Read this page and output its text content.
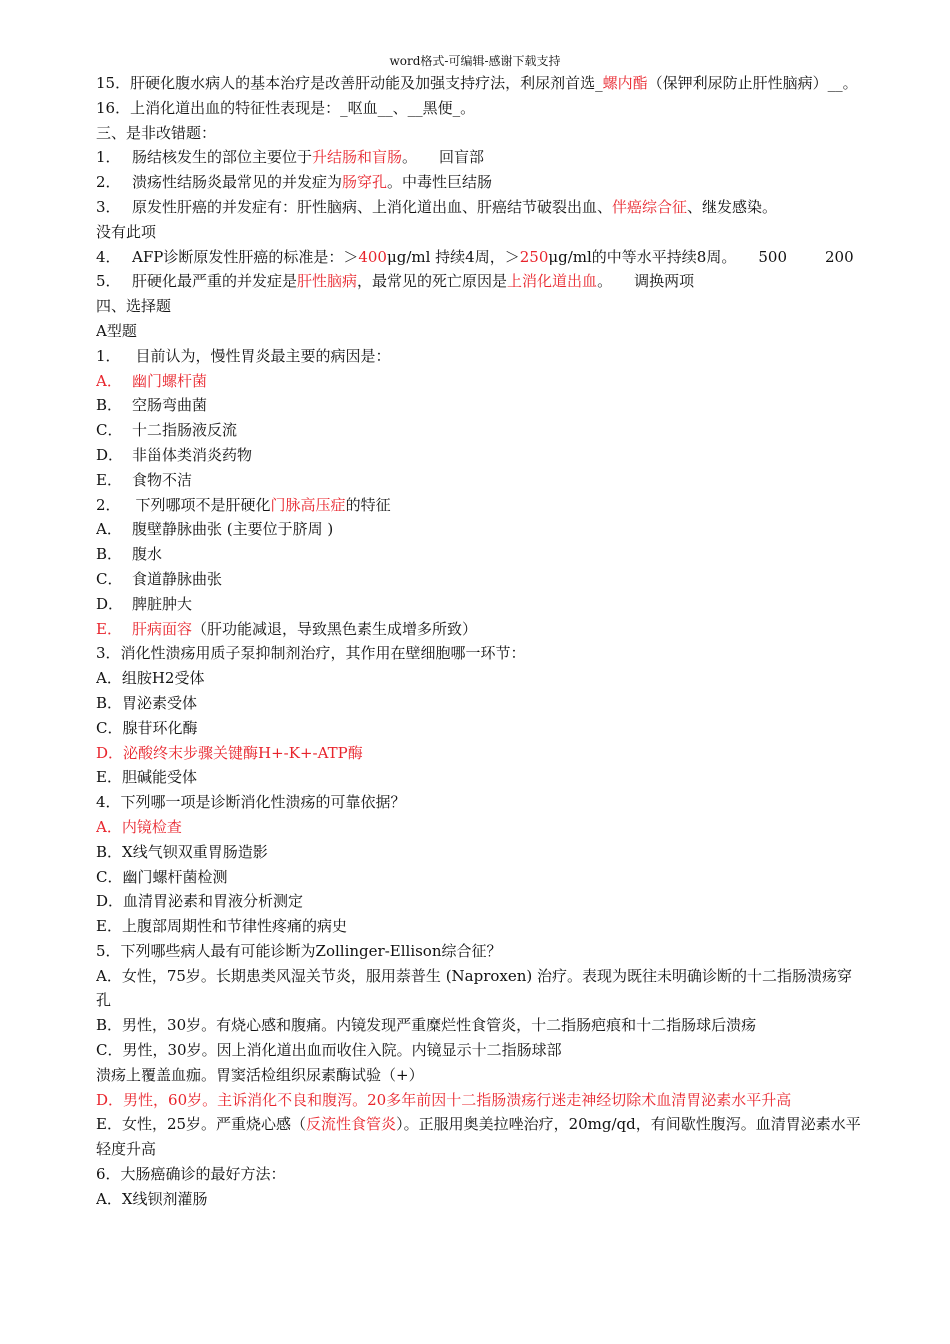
word格式-可编辑-感谢下载支持
15．肝硬化腹水病人的基本治疗是改善肝动能及加强支持疗法，利尿剂首选_螺内酯（保钾利尿防止肝性脑病）__。
16．上消化道出血的特征性表现是：_呕血__、__黑便_。
三、是非改错题：
1． 肠结核发生的部位主要位于升结肠和盲肠。 回盲部
2． 溃疡性结肠炎最常见的并发症为肠穿孔。中毒性巨结肠
3． 原发性肝癌的并发症有：肝性脑病、上消化道出血、肝癌结节破裂出血、伴癌综合征、继发感染。
没有此项
4． AFP诊断原发性肝癌的标准是：＞400μg/ml 持续4周，＞250μg/ml的中等水平持续8周。 500	200
5． 肝硬化最严重的并发症是肝性脑病，最常见的死亡原因是上消化道出血。 调换两项
四、选择题
A型题
1． 目前认为，慢性胃炎最主要的病因是：
A． 幽门螺杆菌
B． 空肠弯曲菌
C． 十二指肠液反流
D． 非甾体类消炎药物
E． 食物不洁
2． 下列哪项不是肝硬化门脉高压症的特征
A． 腹壁静脉曲张 (主要位于脐周 )
B． 腹水
C． 食道静脉曲张
D． 脾脏肿大
E． 肝病面容（肝功能减退，导致黑色素生成增多所致）
3．消化性溃疡用质子泵抑制剂治疗，其作用在壁细胞哪一环节：
A．组胺H2受体
B．胃泌素受体
C．腺苷环化酶
D．泌酸终末步骤关键酶H+-K+-ATP酶
E．胆碱能受体
4．下列哪一项是诊断消化性溃疡的可靠依据？
A．内镜检查
B．X线气钡双重胃肠造影
C．幽门螺杆菌检测
D．血清胃泌素和胃液分析测定
E．上腹部周期性和节律性疼痛的病史
5．下列哪些病人最有可能诊断为Zollinger-Ellison综合征？
A．女性，75岁。长期患类风湿关节炎，服用萘普生 (Naproxen) 治疗。表现为既往未明确诊断的十二指肠溃疡穿孔
B．男性，30岁。有烧心感和腹痛。内镜发现严重糜烂性食管炎，十二指肠疤痕和十二指肠球后溃疡
C．男性，30岁。因上消化道出血而收住入院。内镜显示十二指肠球部
溃疡上覆盖血痂。胃窦活检组织尿素酶试验（+）
D．男性，60岁。主诉消化不良和腹泻。20多年前因十二指肠溃疡行迷走神经切除术血清胃泌素水平升高
E．女性，25岁。严重烧心感（反流性食管炎）。正服用奥美拉唑治疗，20mg/qd，有间歇性腹泻。血清胃泌素水平轻度升高
6．大肠癌确诊的最好方法：
A．X线钡剂灌肠
